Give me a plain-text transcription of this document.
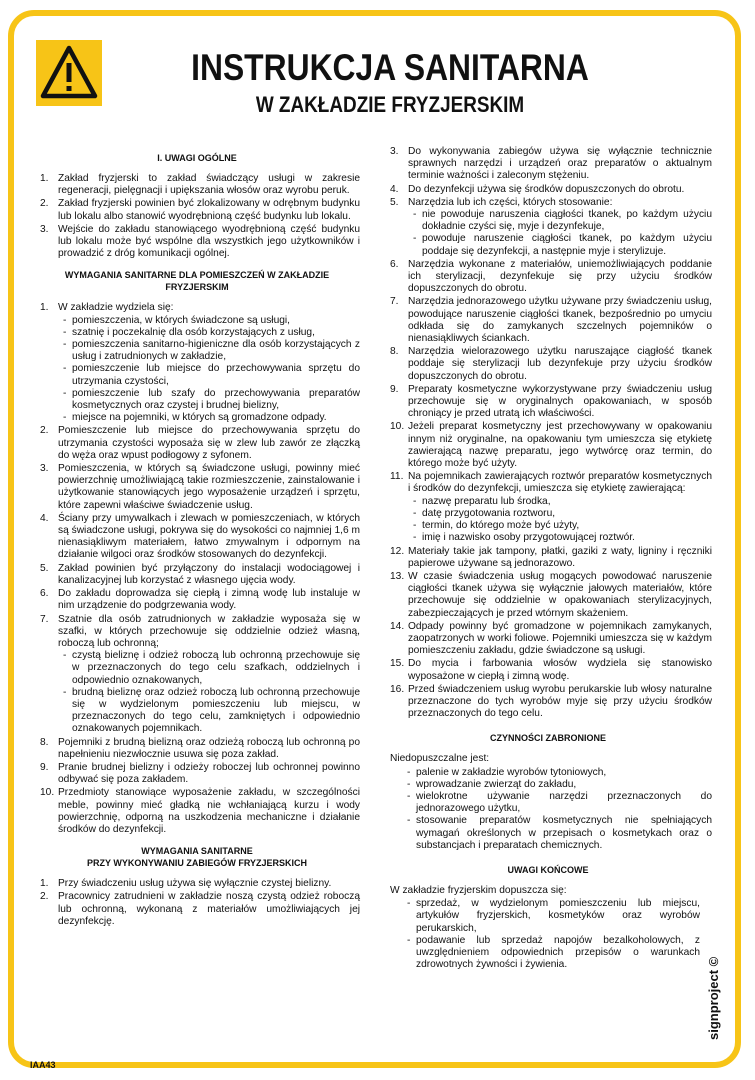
INSTRUKCJA SANITARNA
W ZAKŁADZIE FRYZJERSKIM
I. UWAGI OGÓLNE
1. Zakład fryzjerski to zakład świadczący usługi w zakresie regeneracji, pielęgnacji i upiększania włosów oraz wyrobu peruk.
2. Zakład fryzjerski powinien być zlokalizowany w odrębnym budynku lub lokalu albo stanowić wyodrębnioną część budynku lub lokalu.
3. Wejście do zakładu stanowiącego wyodrębnioną część budynku lub lokalu może być wspólne dla wszystkich jego użytkowników i prowadzić z dróg komunikacji ogólnej.
WYMAGANIA SANITARNE DLA POMIESZCZEŃ W ZAKŁADZIE FRYZJERSKIM
1. W zakładzie wydziela się:
- pomieszczenia, w których świadczone są usługi,
- szatnię i poczekalnię dla osób korzystających z usług,
- pomieszczenia sanitarno-higieniczne dla osób korzystających z usług i zatrudnionych w zakładzie,
- pomieszczenie lub miejsce do przechowywania sprzętu do utrzymania czystości,
- pomieszczenie lub szafy do przechowywania preparatów kosmetycznych oraz czystej i brudnej bielizny,
- miejsce na pojemniki, w których są gromadzone odpady.
2. Pomieszczenie lub miejsce do przechowywania sprzętu do utrzymania czystości wyposaża się w zlew lub zawór ze złączką do węża oraz wpust podłogowy z syfonem.
3. Pomieszczenia, w których są świadczone usługi, powinny mieć powierzchnię umożliwiającą takie rozmieszczenie, zainstalowanie i użytkowanie stanowiących jego wyposażenie urządzeń i sprzętu, które zapewni właściwe świadczenie usług.
4. Ściany przy umywalkach i zlewach w pomieszczeniach, w których są świadczone usługi, pokrywa się do wysokości co najmniej 1,6 m nienasiąkliwym materiałem, łatwo zmywalnym i odpornym na działanie wilgoci oraz środków stosowanych do dezynfekcji.
5. Zakład powinien być przyłączony do instalacji wodociągowej i kanalizacyjnej lub korzystać z własnego ujęcia wody.
6. Do zakładu doprowadza się ciepłą i zimną wodę lub instaluje w nim urządzenie do podgrzewania wody.
7. Szatnie dla osób zatrudnionych w zakładzie wyposaża się w szafki, w których przechowuje się oddzielnie odzież własną, roboczą lub ochronną;
- czystą bieliznę i odzież roboczą lub ochronną przechowuje się w przeznaczonych do tego celu szafkach, oddzielnych i odpowiednio oznakowanych,
- brudną bieliznę oraz odzież roboczą lub ochronną przechowuje się w wydzielonym pomieszczeniu lub miejscu, w przeznaczonych do tego celu, zamkniętych i odpowiednio oznakowanych pojemnikach.
8. Pojemniki z brudną bielizną oraz odzieżą roboczą lub ochronną po napełnieniu niezwłocznie usuwa się poza zakład.
9. Pranie brudnej bielizny i odzieży roboczej lub ochronnej powinno odbywać się poza zakładem.
10. Przedmioty stanowiące wyposażenie zakładu, w szczególności meble, powinny mieć gładką nie wchłaniającą kurzu i wody powierzchnię, odporną na uszkodzenia mechaniczne i działanie środków do dezynfekcji.
WYMAGANIA SANITARNE
PRZY WYKONYWANIU ZABIEGÓW FRYZJERSKICH
1. Przy świadczeniu usług używa się wyłącznie czystej bielizny.
2. Pracownicy zatrudnieni w zakładzie noszą czystą odzież roboczą lub ochronną, wykonaną z materiałów umożliwiających jej dezynfekcję.
3. Do wykonywania zabiegów używa się wyłącznie technicznie sprawnych narzędzi i urządzeń oraz preparatów o aktualnym terminie ważności i zaleconym stężeniu.
4. Do dezynfekcji używa się środków dopuszczonych do obrotu.
5. Narzędzia lub ich części, których stosowanie:
- nie powoduje naruszenia ciągłości tkanek, po każdym użyciu dokładnie czyści się, myje i dezynfekuje,
- powoduje naruszenie ciągłości tkanek, po każdym użyciu poddaje się dezynfekcji, a następnie myje i sterylizuje.
6. Narzędzia wykonane z materiałów, uniemożliwiających poddanie ich sterylizacji, dezynfekuje się przy użyciu środków dopuszczonych do obrotu.
7. Narzędzia jednorazowego użytku używane przy świadczeniu usług, powodujące naruszenie ciągłości tkanek, bezpośrednio po umyciu odkłada się do zamykanych szczelnych pojemników o nienasiąkliwych ściankach.
8. Narzędzia wielorazowego użytku naruszające ciągłość tkanek poddaje się sterylizacji lub dezynfekuje przy użyciu środków dopuszczonych do obrotu.
9. Preparaty kosmetyczne wykorzystywane przy świadczeniu usług przechowuje się w oryginalnych opakowaniach, w sposób chroniący je przed utratą ich właściwości.
10. Jeżeli preparat kosmetyczny jest przechowywany w opakowaniu innym niż oryginalne, na opakowaniu tym umieszcza się etykietę zawierającą nazwę preparatu, jego wytwórcę oraz termin, do którego może być użyty.
11. Na pojemnikach zawierających roztwór preparatów kosmetycznych i środków do dezynfekcji, umieszcza się etykietę zawierającą:
- nazwę preparatu lub środka,
- datę przygotowania roztworu,
- termin, do którego może być użyty,
- imię i nazwisko osoby przygotowującej roztwór.
12. Materiały takie jak tampony, płatki, gaziki z waty, ligniny i ręczniki papierowe używane są jednorazowo.
13. W czasie świadczenia usług mogących powodować naruszenie ciągłości tkanek używa się wyłącznie jałowych materiałów, które przechowuje się oddzielnie w opakowaniach sterylizacyjnych, zabezpieczających je przed wtórnym skażeniem.
14. Odpady powinny być gromadzone w pojemnikach zamykanych, zaopatrzonych w worki foliowe. Pojemniki umieszcza się w każdym pomieszczeniu zakładu, gdzie świadczone są usługi.
15. Do mycia i farbowania włosów wydziela się stanowisko wyposażone w ciepłą i zimną wodę.
16. Przed świadczeniem usług wyrobu perukarskie lub włosy naturalne przeznaczone do tych wyrobów myje się przy użyciu środków przeznaczonych do tego celu.
CZYNNOŚCI ZABRONIONE
Niedopuszczalne jest:
- palenie w zakładzie wyrobów tytoniowych,
- wprowadzanie zwierząt do zakładu,
- wielokrotne używanie narzędzi przeznaczonych do jednorazowego użytku,
- stosowanie preparatów kosmetycznych nie spełniających wymagań określonych w przepisach o kosmetykach oraz o substancjach i preparatach chemicznych.
UWAGI KOŃCOWE
W zakładzie fryzjerskim dopuszcza się:
- sprzedaż, w wydzielonym pomieszczeniu lub miejscu, artykułów fryzjerskich, kosmetyków oraz wyrobów perukarskich,
- podawanie lub sprzedaż napojów bezalkoholowych, z uwzględnieniem odpowiednich przepisów o warunkach zdrowotnych żywności i żywienia.
IAA43
signproject ©
